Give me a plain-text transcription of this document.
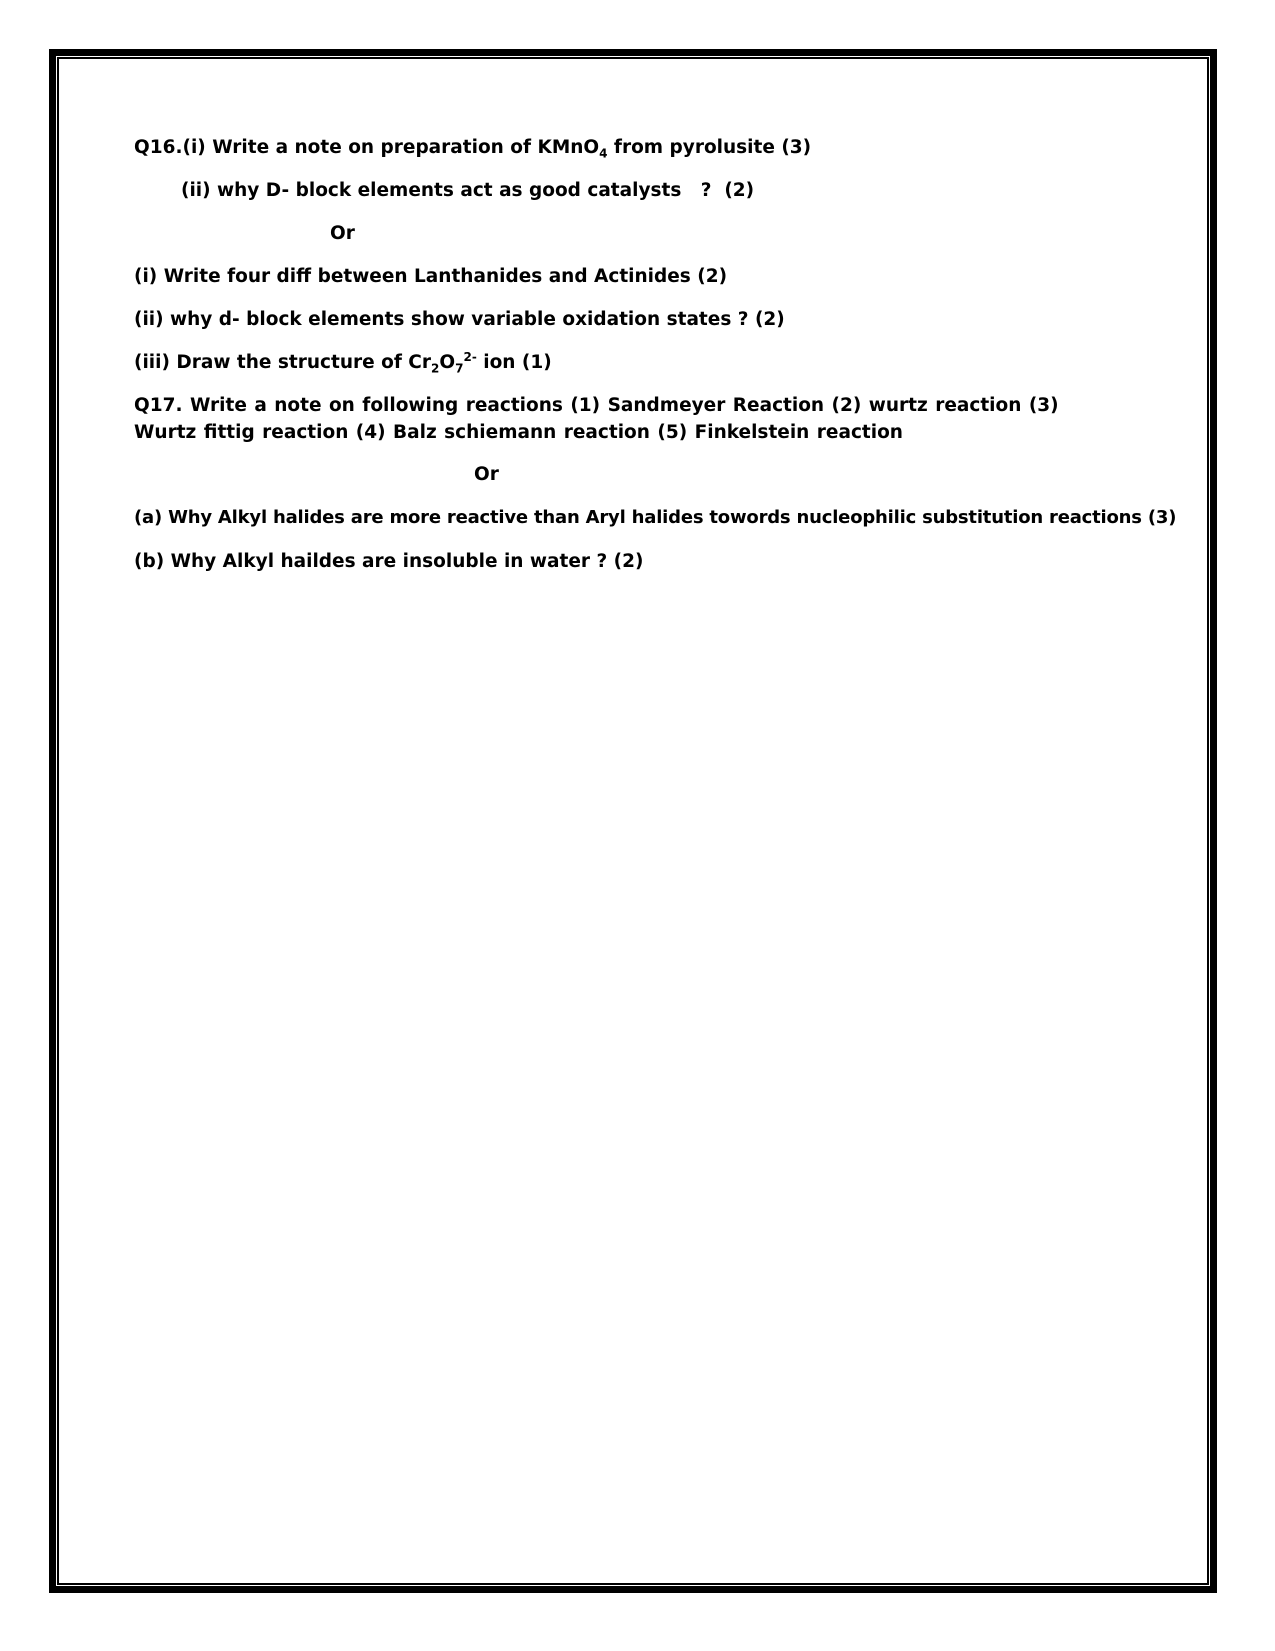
Q16.(i) Write a note on preparation of KMnO$_4$ from pyrolusite (3)
(ii) why D- block elements act as good catalysts   ?  (2)
Or
(i) Write four diff between Lanthanides and Actinides (2)
(ii) why d- block elements show variable oxidation states ? (2)
(iii) Draw the structure of $Cr_2O_7^{2-}$ ion (1)
Q17. Write a note on following reactions (1) Sandmeyer Reaction (2) wurtz reaction (3) Wurtz fittig reaction (4) Balz schiemann reaction (5) Finkelstein reaction
Or
(a) Why Alkyl halides are more reactive than Aryl halides towords nucleophilic substitution reactions (3)
(b) Why Alkyl haildes are insoluble in water ? (2)
